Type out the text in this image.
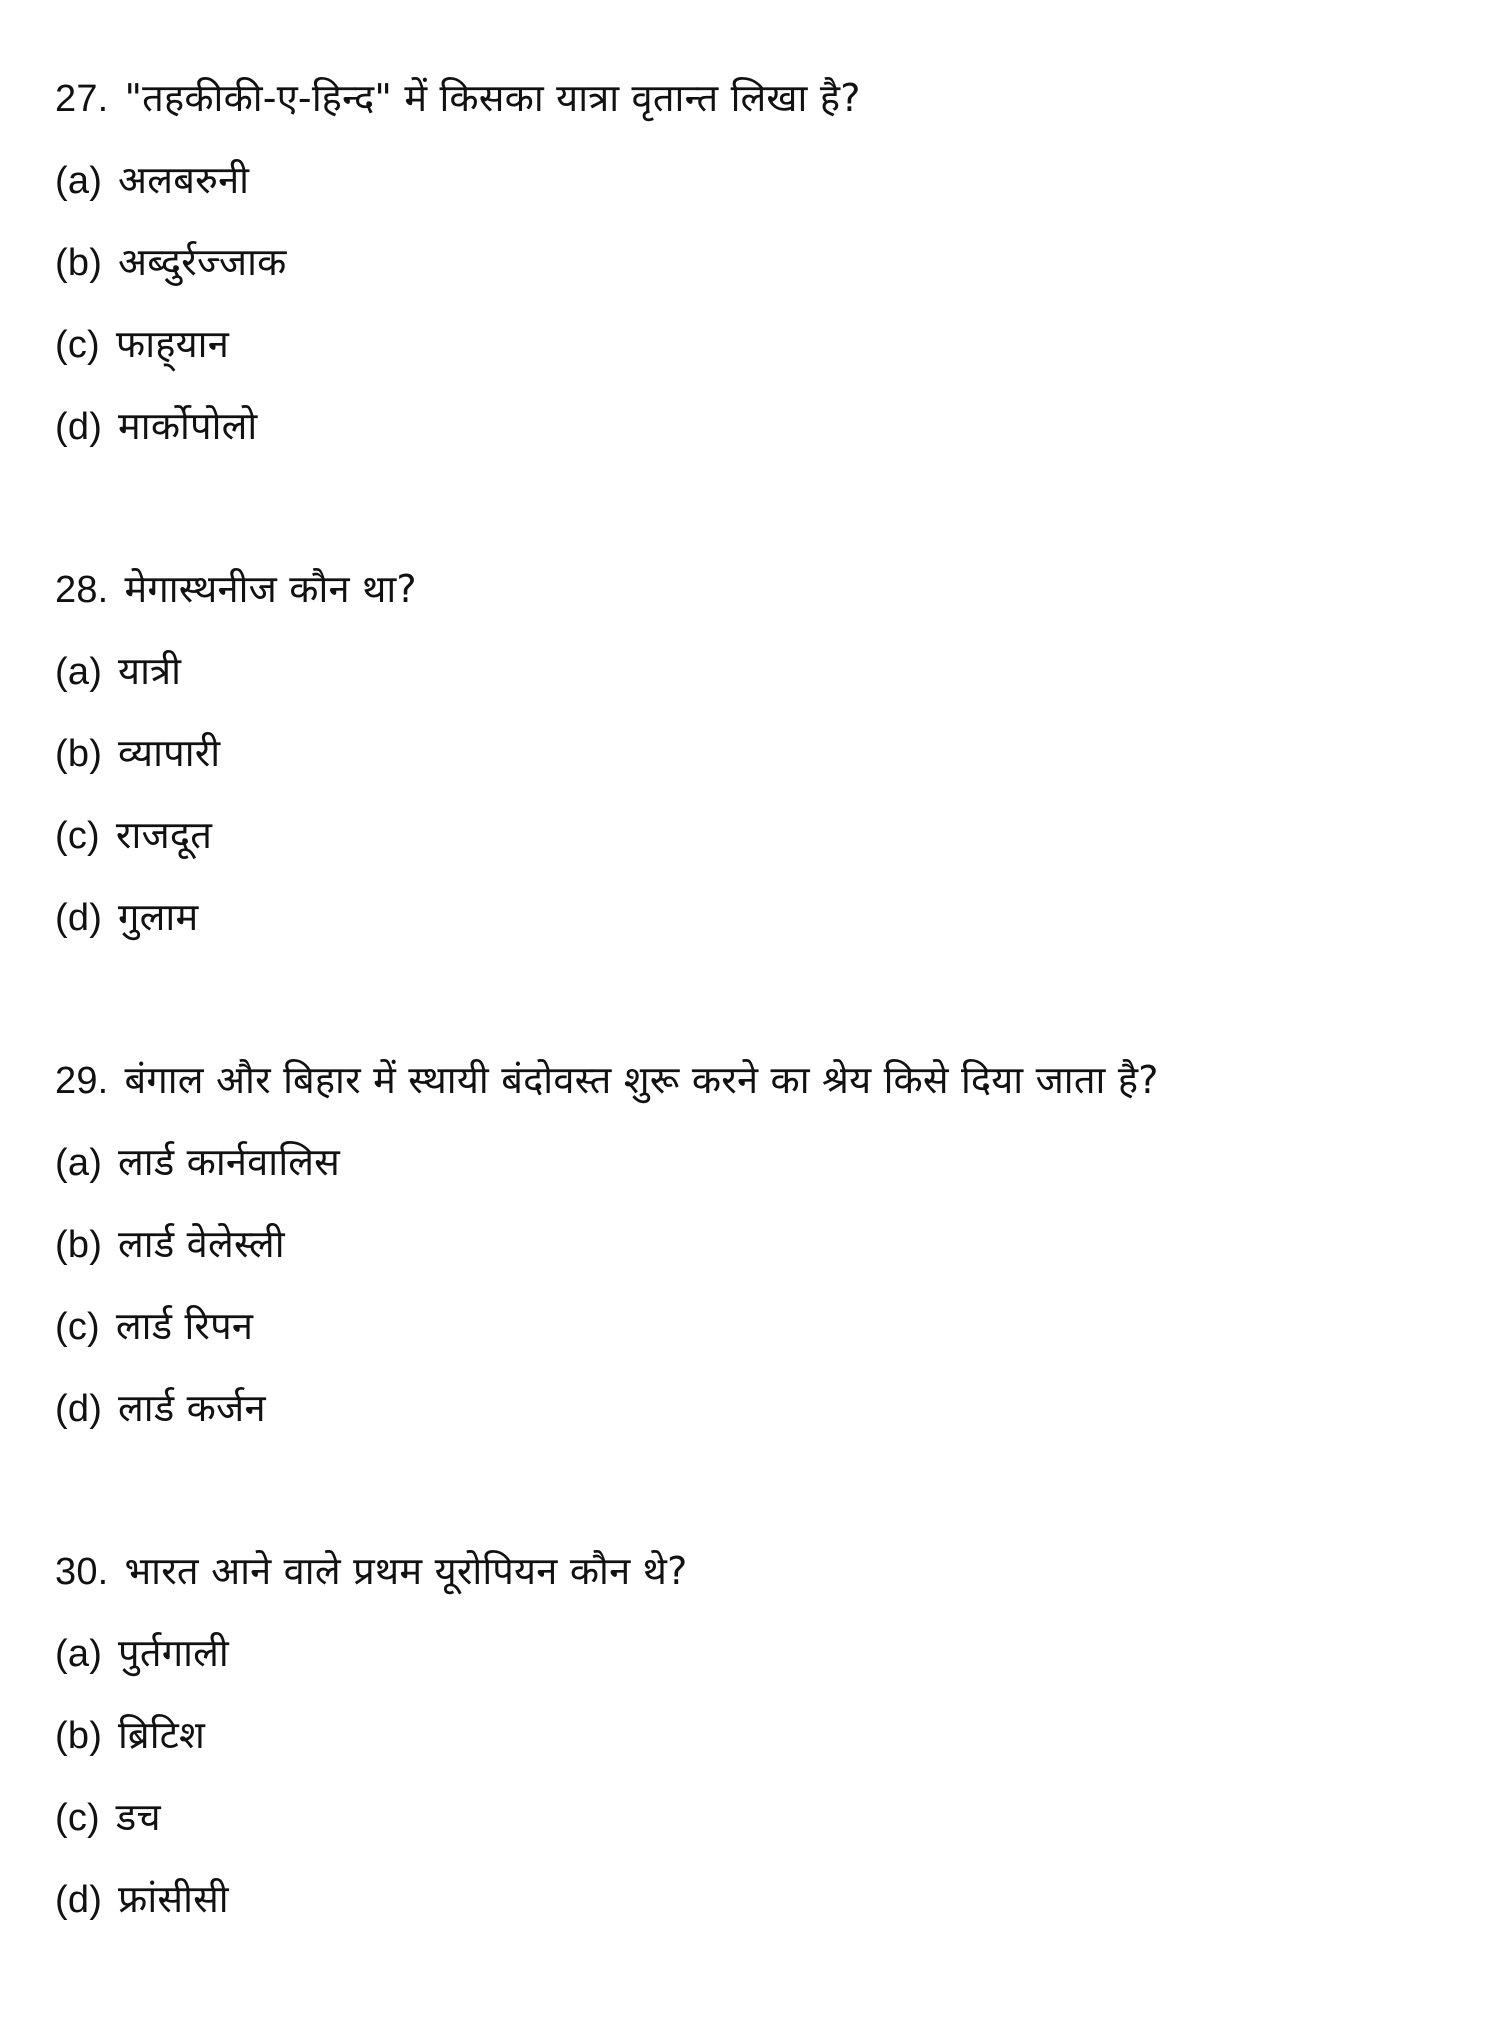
27. "तहकीकी-ए-हिन्द" में किसका यात्रा वृतान्त लिखा है?
(a) अलबरुनी
(b) अब्दुर्रज्जाक
(c) फाह्‌यान
(d) मार्कोपोलो
28. मेगास्थनीज कौन था?
(a) यात्री
(b) व्यापारी
(c) राजदूत
(d) गुलाम
29. बंगाल और बिहार में स्थायी बंदोवस्त शुरू करने का श्रेय किसे दिया जाता है?
(a) लार्ड कार्नवालिस
(b) लार्ड वेलेस्ली
(c) लार्ड रिपन
(d) लार्ड कर्जन
30. भारत आने वाले प्रथम यूरोपियन कौन थे?
(a) पुर्तगाली
(b) ब्रिटिश
(c) डच
(d) फ्रांसीसी
